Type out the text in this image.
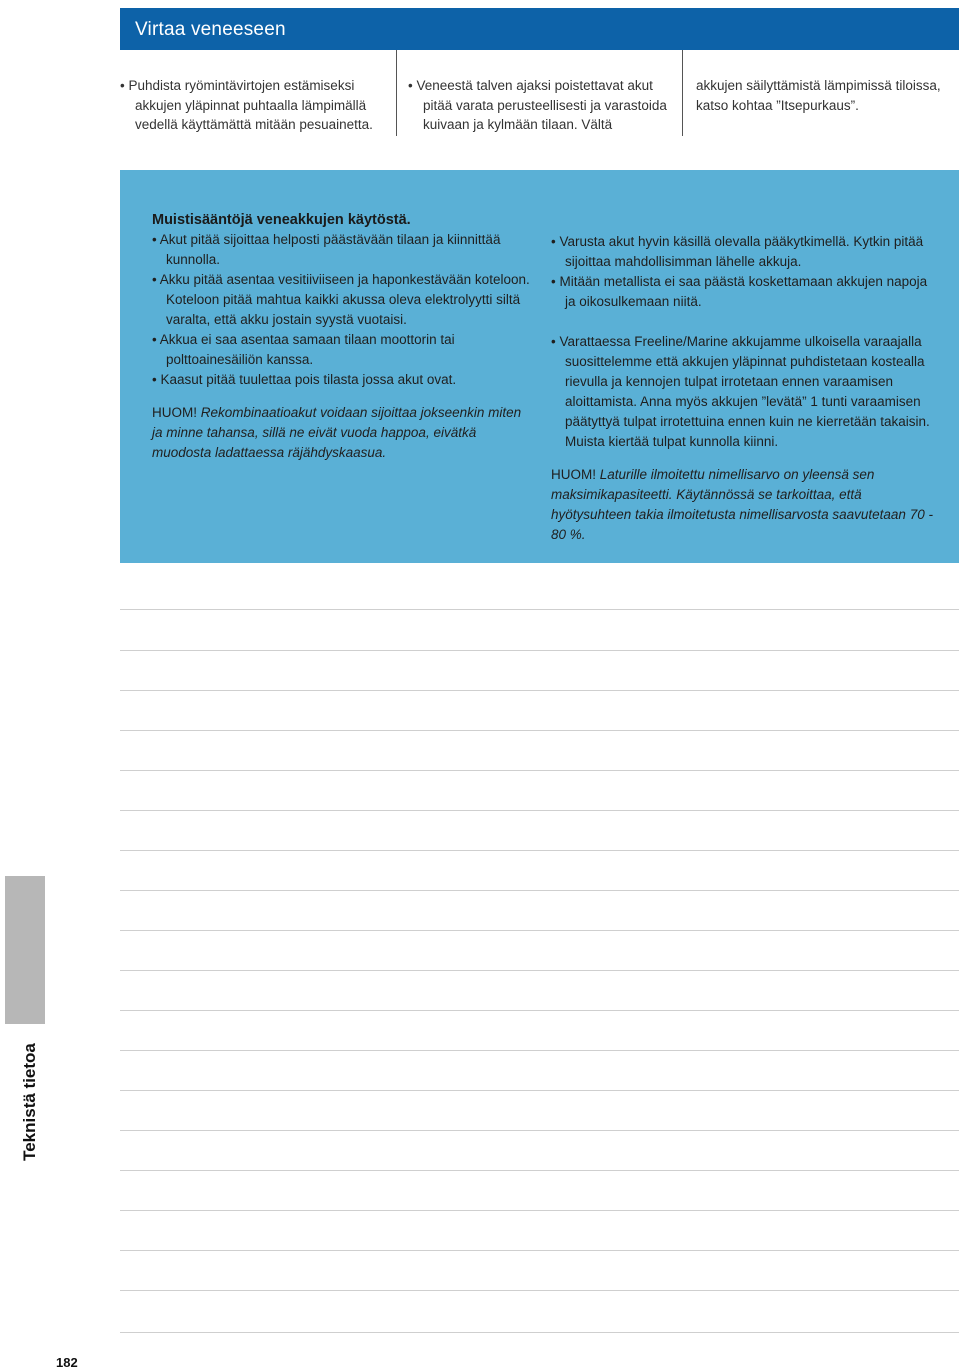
Virtaa veneeseen

• Puhdista ryömintävirtojen estämiseksi akkujen yläpinnat puhtaalla lämpimällä vedellä käyttämättä mitään pesuainetta.

• Veneestä talven ajaksi poistettavat akut pitää varata perusteellisesti ja varastoida kuivaan ja kylmään tilaan. Vältä

akkujen säilyttämistä lämpimissä tiloissa, katso kohtaa ”Itsepurkaus”.

Muistisääntöjä veneakkujen käytöstä.

• Akut pitää sijoittaa helposti päästävään tilaan ja kiinnittää kunnolla.

• Akku pitää asentaa vesitiiviiseen ja haponkestävään koteloon. Koteloon pitää mahtua kaikki akussa oleva elektrolyytti siltä varalta, että akku jostain syystä vuotaisi.

• Akkua ei saa asentaa samaan tilaan moottorin tai polttoainesäiliön kanssa.

• Kaasut pitää tuulettaa pois tilasta jossa akut ovat.

HUOM! Rekombinaatioakut voidaan sijoittaa jokseenkin miten ja minne tahansa, sillä ne eivät vuoda happoa, eivätkä muodosta ladattaessa räjähdyskaasua.

• Varusta akut hyvin käsillä olevalla pääkytkimellä. Kytkin pitää sijoittaa mahdollisimman lähelle akkuja.

• Mitään metallista ei saa päästä koskettamaan akkujen napoja ja oikosulkemaan niitä.

• Varattaessa Freeline/Marine akkujamme ulkoisella varaajalla suosittelemme että akkujen yläpinnat puhdistetaan kostealla rievulla ja kennojen tulpat irrotetaan ennen varaamisen aloittamista. Anna myös akkujen ”levätä” 1 tunti varaamisen päätyttyä tulpat irrotettuina ennen kuin ne kierretään takaisin. Muista kiertää tulpat kunnolla kiinni.

HUOM! Laturille ilmoitettu nimellisarvo on yleensä sen maksimikapasiteetti. Käytännössä se tarkoittaa, että hyötysuhteen takia ilmoitetusta nimellisarvosta saavutetaan 70 - 80 %.

Teknistä tietoa
182
